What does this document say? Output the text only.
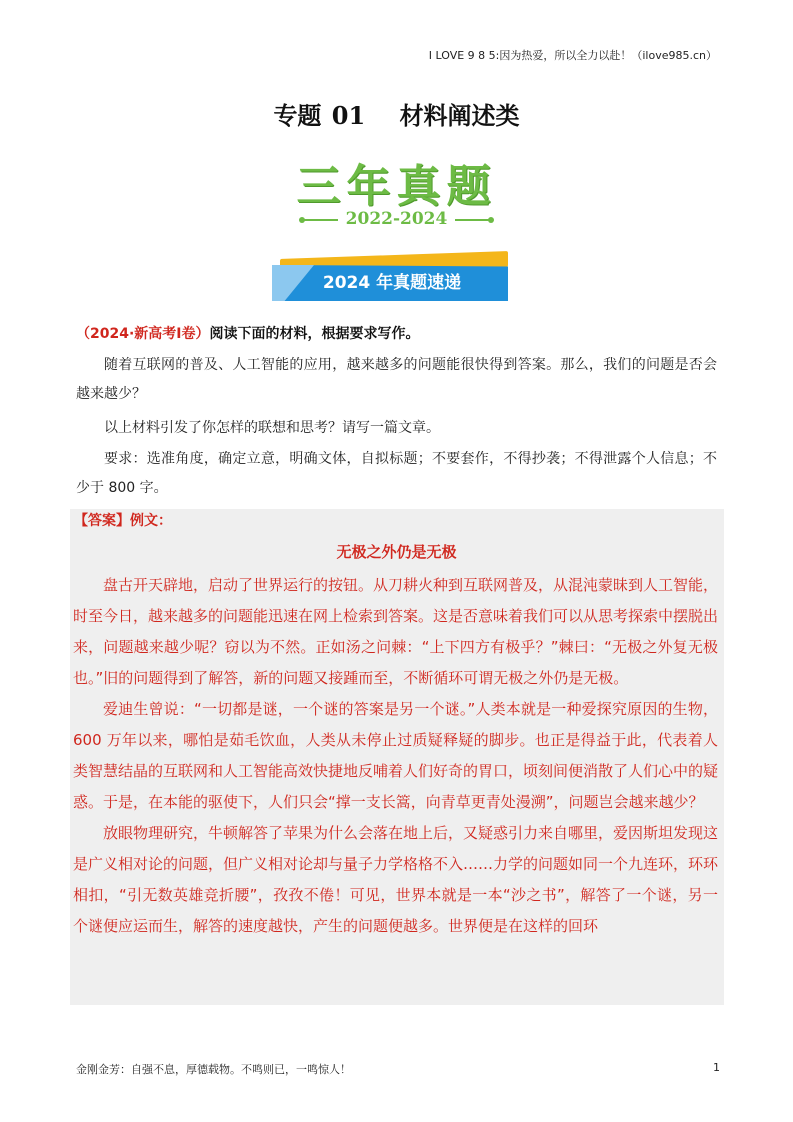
I LOVE 9 8 5:因为热爱，所以全力以赴！（ilove985.cn）
专题 01 材料阐述类
三年真题
2022-2024
2024 年真题速递
（2024·新高考Ⅰ卷）阅读下面的材料，根据要求写作。
随着互联网的普及、人工智能的应用，越来越多的问题能很快得到答案。那么，我们的问题是否会越来越少？
以上材料引发了你怎样的联想和思考？请写一篇文章。
要求：选准角度，确定立意，明确文体，自拟标题；不要套作，不得抄袭；不得泄露个人信息；不少于 800 字。
【答案】例文：
无极之外仍是无极

盘古开天辟地，启动了世界运行的按钮。从刀耕火种到互联网普及，从混沌蒙昧到人工智能，时至今日，越来越多的问题能迅速在网上检索到答案。这是否意味着我们可以从思考探索中摆脱出来，问题越来越少呢？窃以为不然。正如汤之问棘：“上下四方有极乎？”棘曰：“无极之外复无极也。”旧的问题得到了解答，新的问题又接踵而至，不断循环可谓无极之外仍是无极。

爱迪生曾说：“一切都是谜，一个谜的答案是另一个谜。”人类本就是一种爱探究原因的生物，600 万年以来，哪怕是茹毛饮血，人类从未停止过质疑释疑的脚步。也正是得益于此，代表着人类智慧结晶的互联网和人工智能高效快捷地反哺着人们好奇的胃口，顷刻间便消散了人们心中的疑惑。于是，在本能的驱使下，人们只会“撑一支长篙，向青草更青处漫溯”，问题岂会越来越少？

放眼物理研究，牛顿解答了苹果为什么会落在地上后，又疑惑引力来自哪里，爱因斯坦发现这是广义相对论的问题，但广义相对论却与量子力学格格不入……力学的问题如同一个九连环，环环相扣，“引无数英雄竞折腰”，孜孜不倦！可见，世界本就是一本“沙之书”，解答了一个谜，另一个谜便应运而生，解答的速度越快，产生的问题便越多。世界便是在这样的回环

金刚金芳：自强不息，厚德载物。不鸣则已，一鸣惊人！	1
